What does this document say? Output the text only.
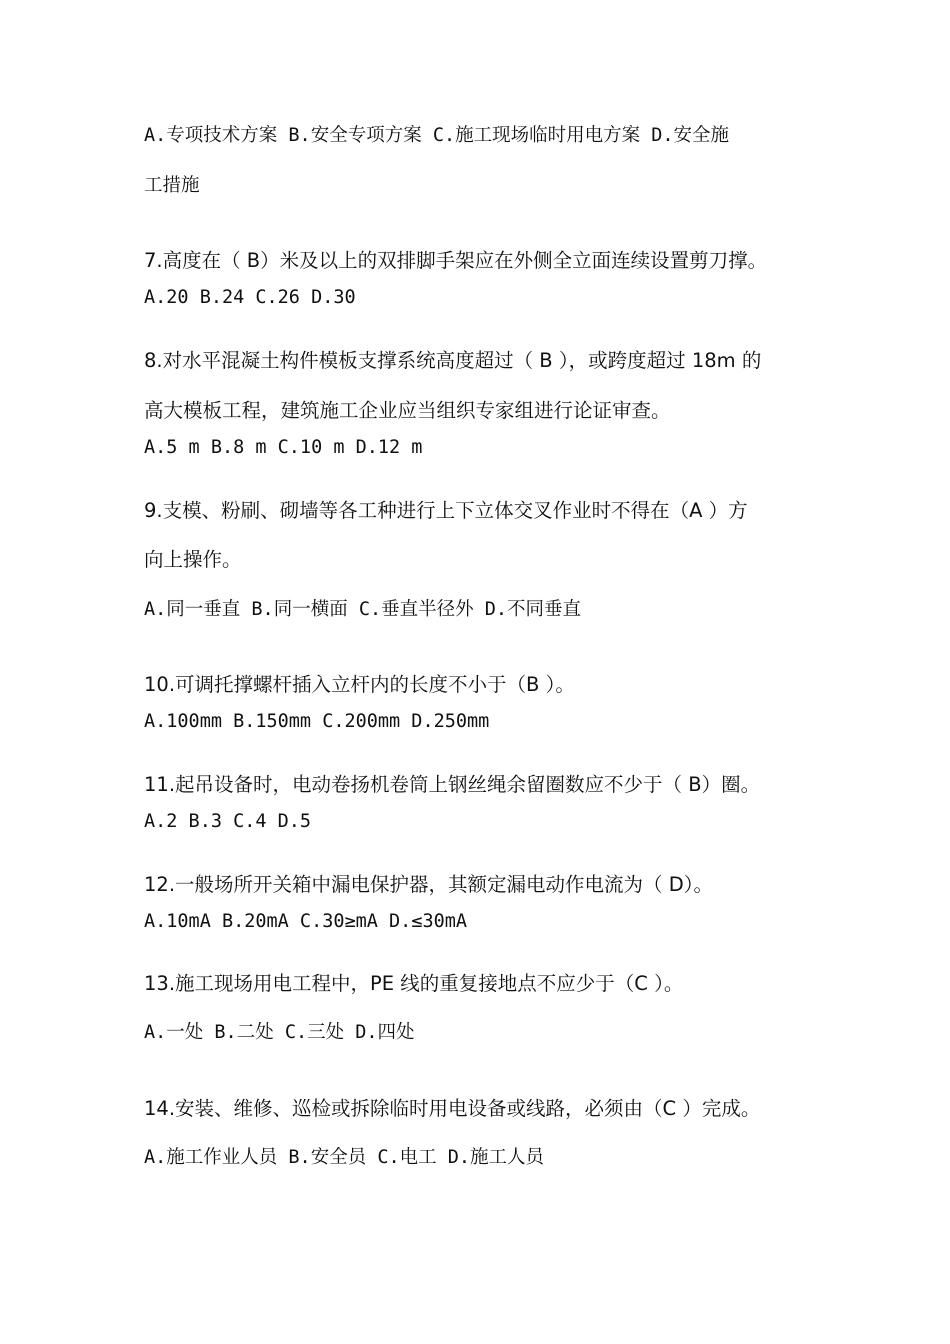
A.专项技术方案 B.安全专项方案 C.施工现场临时用电方案 D.安全施
工措施
7.高度在（ B）米及以上的双排脚手架应在外侧全立面连续设置剪刀撑。
A.20 B.24 C.26 D.30
8.对水平混凝土构件模板支撑系统高度超过（ B ），或跨度超过 18m 的
高大模板工程，建筑施工企业应当组织专家组进行论证审查。
A.5 m B.8 m C.10 m D.12 m
9.支模、粉刷、砌墙等各工种进行上下立体交叉作业时不得在（A ）方
向上操作。
A.同一垂直 B.同一横面 C.垂直半径外 D.不同垂直
10.可调托撑螺杆插入立杆内的长度不小于（B ）。
A.100mm B.150mm C.200mm D.250mm
11.起吊设备时，电动卷扬机卷筒上钢丝绳余留圈数应不少于（ B）圈。
A.2 B.3 C.4 D.5
12.一般场所开关箱中漏电保护器，其额定漏电动作电流为（ D）。
A.10mA B.20mA C.30≥mA D.≤30mA
13.施工现场用电工程中，PE 线的重复接地点不应少于（C ）。
A.一处 B.二处 C.三处 D.四处
14.安装、维修、巡检或拆除临时用电设备或线路，必须由（C ）完成。
A.施工作业人员 B.安全员 C.电工 D.施工人员
